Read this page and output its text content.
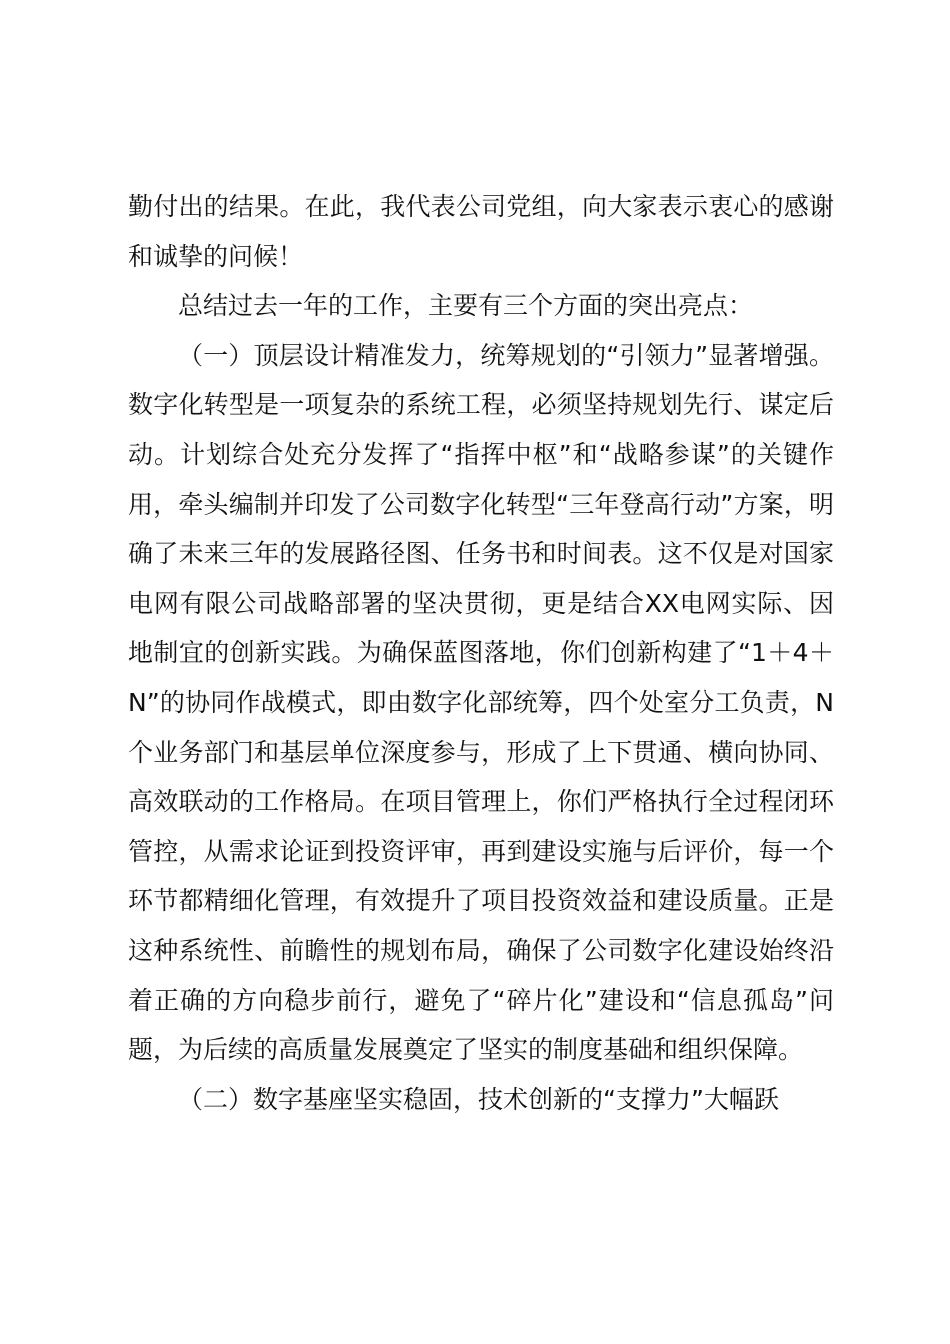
勤付出的结果。在此，我代表公司党组，向大家表示衷心的感谢和诚挚的问候！

总结过去一年的工作，主要有三个方面的突出亮点：

（一）顶层设计精准发力，统筹规划的“引领力”显著增强。数字化转型是一项复杂的系统工程，必须坚持规划先行、谋定后动。计划综合处充分发挥了“指挥中枢”和“战略参谋”的关键作用，牵头编制并印发了公司数字化转型“三年登高行动”方案，明确了未来三年的发展路径图、任务书和时间表。这不仅是对国家电网有限公司战略部署的坚决贯彻，更是结合XX电网实际、因地制宜的创新实践。为确保蓝图落地，你们创新构建了“1＋4＋N”的协同作战模式，即由数字化部统筹，四个处室分工负责，N个业务部门和基层单位深度参与，形成了上下贯通、横向协同、高效联动的工作格局。在项目管理上，你们严格执行全过程闭环管控，从需求论证到投资评审，再到建设实施与后评价，每一个环节都精细化管理，有效提升了项目投资效益和建设质量。正是这种系统性、前瞻性的规划布局，确保了公司数字化建设始终沿着正确的方向稳步前行，避免了“碎片化”建设和“信息孤岛”问题，为后续的高质量发展奠定了坚实的制度基础和组织保障。

（二）数字基座坚实稳固，技术创新的“支撑力”大幅跃
